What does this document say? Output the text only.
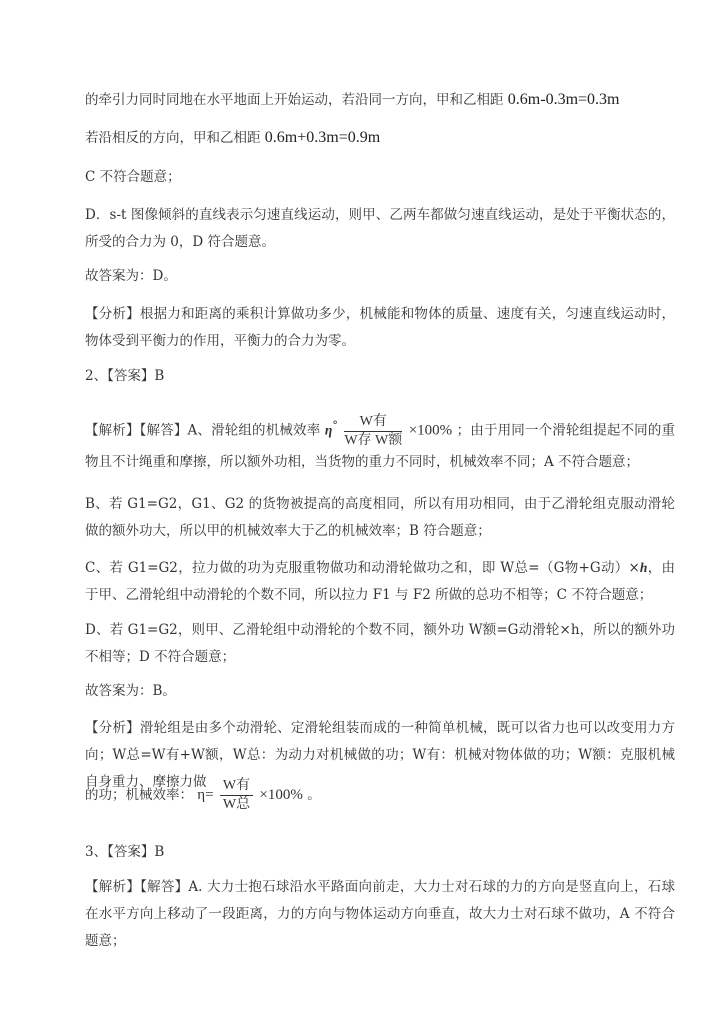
的牵引力同时同地在水平地面上开始运动，若沿同一方向，甲和乙相距 0.6m-0.3m=0.3m
若沿相反的方向，甲和乙相距 0.6m+0.3m=0.9m
C 不符合题意；
D．s-t 图像倾斜的直线表示匀速直线运动，则甲、乙两车都做匀速直线运动，是处于平衡状态的，所受的合力为 0，D 符合题意。
故答案为：D。
【分析】根据力和距离的乘积计算做功多少，机械能和物体的质量、速度有关，匀速直线运动时，物体受到平衡力的作用，平衡力的合力为零。
2、【答案】B
【解析】【解答】A、滑轮组的机械效率 $\eta^\circ \frac{\text{W有}}{\text{W存 W额}} \times 100\%$ ；由于用同一个滑轮组提起不同的重物且不计绳重和摩擦，所以额外功相，当货物的重力不同时，机械效率不同；A 不符合题意；
B、若 G1=G2，G1、G2 的货物被提高的高度相同，所以有用功相同，由于乙滑轮组克服动滑轮做的额外功大，所以甲的机械效率大于乙的机械效率；B 符合题意；
C、若 G1=G2，拉力做的功为克服重物做功和动滑轮做功之和，即 W总=（G物+G动）×h，由于甲、乙滑轮组中动滑轮的个数不同，所以拉力 F1 与 F2 所做的总功不相等；C 不符合题意；
D、若 G1=G2，则甲、乙滑轮组中动滑轮的个数不同，额外功 W额=G动滑轮×h，所以的额外功不相等；D 不符合题意；
故答案为：B。
【分析】滑轮组是由多个动滑轮、定滑轮组装而成的一种简单机械，既可以省力也可以改变用力方向；W总=W有+W额，W总：为动力对机械做的功；W有：机械对物体做的功；W额：克服机械自身重力、摩擦力做
的功；机械效率： $\eta= \frac{\text{W有}}{\text{W总}} \times 100\%$ 。
3、【答案】B
【解析】【解答】A. 大力士抱石球沿水平路面向前走，大力士对石球的力的方向是竖直向上，石球在水平方向上移动了一段距离，力的方向与物体运动方向垂直，故大力士对石球不做功，A 不符合题意；
